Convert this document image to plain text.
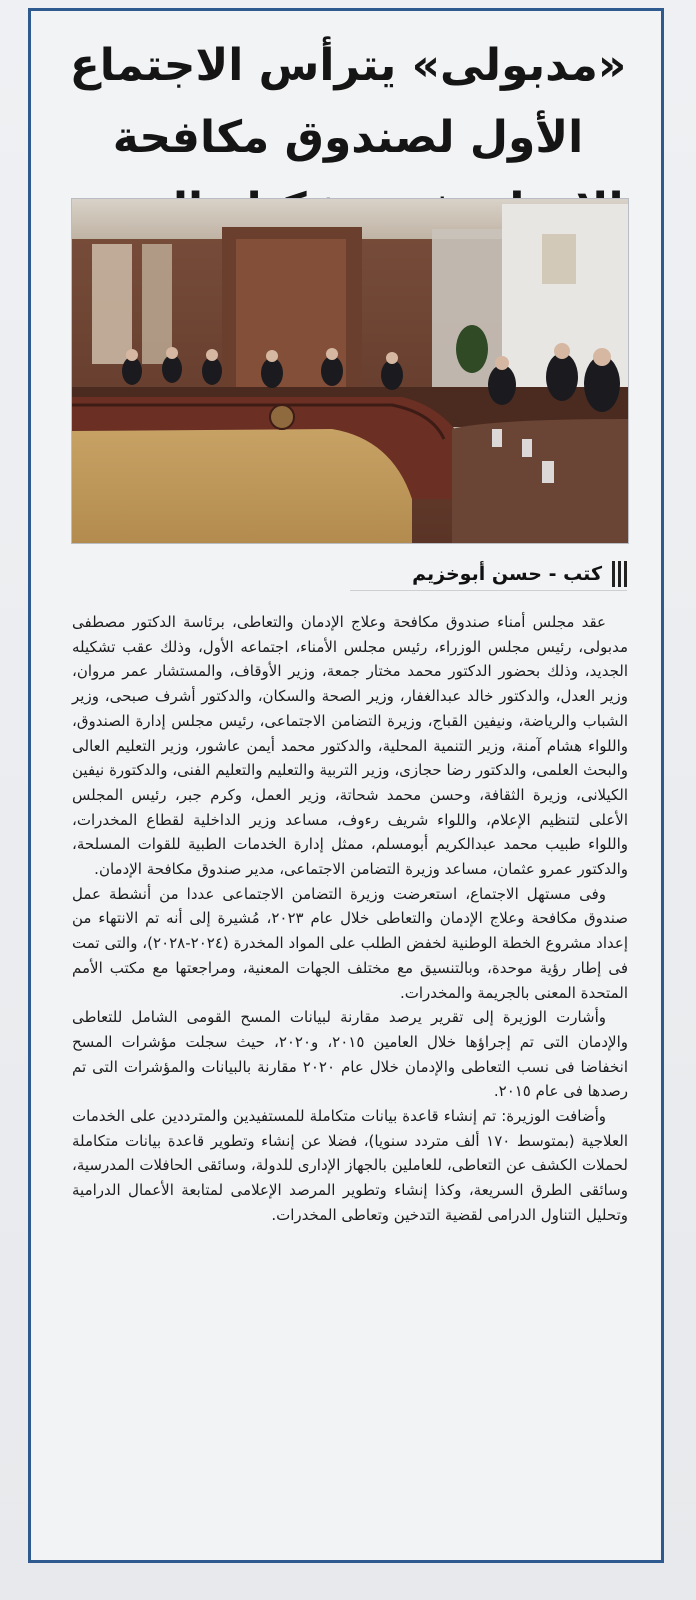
«مدبولى» يترأس الاجتماع الأول لصندوق مكافحة
كتب - حسن أبوخزيم

عقد مجلس أمناء صندوق مكافحة وعلاج الإدمان والتعاطى، برئاسة الدكتور مصطفى مدبولى، رئيس مجلس الوزراء، رئيس مجلس الأمناء، اجتماعه الأول، وذلك عقب تشكيله الجديد، وذلك بحضور الدكتور محمد مختار جمعة، وزير الأوقاف، والمستشار عمر مروان، وزير العدل، والدكتور خالد عبدالغفار، وزير الصحة والسكان، والدكتور أشرف صبحى، وزير الشباب والرياضة، ونيفين القباج، وزيرة التضامن الاجتماعى، رئيس مجلس إدارة الصندوق، واللواء هشام آمنة، وزير التنمية المحلية، والدكتور محمد أيمن عاشور، وزير التعليم العالى والبحث العلمى، والدكتور رضا حجازى، وزير التربية والتعليم والتعليم الفنى، والدكتورة نيفين الكيلانى، وزيرة الثقافة، وحسن محمد شحاتة، وزير العمل، وكرم جبر، رئيس المجلس الأعلى لتنظيم الإعلام، واللواء شريف رءوف، مساعد وزير الداخلية لقطاع المخدرات، واللواء طبيب محمد عبدالكريم أبومسلم، ممثل إدارة الخدمات الطبية للقوات المسلحة، والدكتور عمرو عثمان، مساعد وزيرة التضامن الاجتماعى، مدير صندوق مكافحة الإدمان.

وفى مستهل الاجتماع، استعرضت وزيرة التضامن الاجتماعى عددا من أنشطة عمل صندوق مكافحة وعلاج الإدمان والتعاطى خلال عام ٢٠٢٣، مُشيرة إلى أنه تم الانتهاء من إعداد مشروع الخطة الوطنية لخفض الطلب على المواد المخدرة (٢٠٢٤-٢٠٢٨)، والتى تمت فى إطار رؤية موحدة، وبالتنسيق مع مختلف الجهات المعنية، ومراجعتها مع مكتب الأمم المتحدة المعنى بالجريمة والمخدرات.

وأشارت الوزيرة إلى تقرير يرصد مقارنة لبيانات المسح القومى الشامل للتعاطى والإدمان التى تم إجراؤها خلال العامين ٢٠١٥، و٢٠٢٠، حيث سجلت مؤشرات المسح انخفاضا فى نسب التعاطى والإدمان خلال عام ٢٠٢٠ مقارنة بالبيانات والمؤشرات التى تم رصدها فى عام ٢٠١٥.

وأضافت الوزيرة: تم إنشاء قاعدة بيانات متكاملة للمستفيدين والمترددين على الخدمات العلاجية (بمتوسط ١٧٠ ألف متردد سنويا)، فضلا عن إنشاء وتطوير قاعدة بيانات متكاملة لحملات الكشف عن التعاطى، للعاملين بالجهاز الإدارى للدولة، وسائقى الحافلات المدرسية، وسائقى الطرق السريعة، وكذا إنشاء وتطوير المرصد الإعلامى لمتابعة الأعمال الدرامية وتحليل التناول الدرامى لقضية التدخين وتعاطى المخدرات.
